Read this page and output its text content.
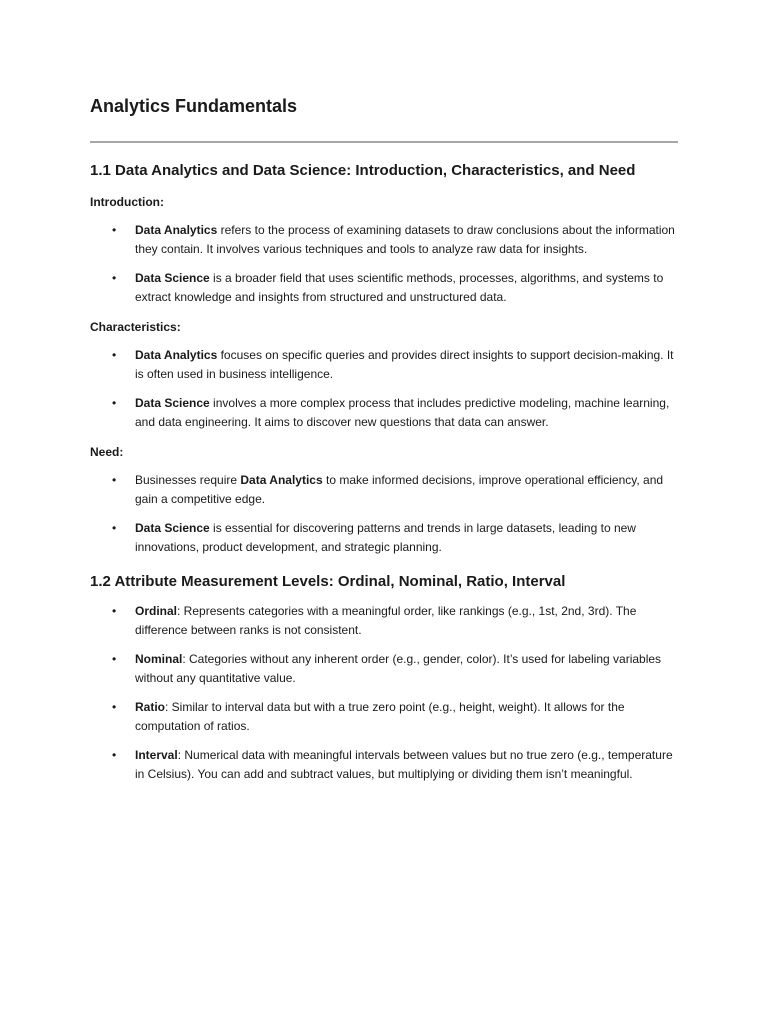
Analytics Fundamentals
1.1 Data Analytics and Data Science: Introduction, Characteristics, and Need

Introduction:

• Data Analytics refers to the process of examining datasets to draw conclusions about the information they contain. It involves various techniques and tools to analyze raw data for insights.
• Data Science is a broader field that uses scientific methods, processes, algorithms, and systems to extract knowledge and insights from structured and unstructured data.

Characteristics:

• Data Analytics focuses on specific queries and provides direct insights to support decision-making. It is often used in business intelligence.
• Data Science involves a more complex process that includes predictive modeling, machine learning, and data engineering. It aims to discover new questions that data can answer.

Need:

• Businesses require Data Analytics to make informed decisions, improve operational efficiency, and gain a competitive edge.
• Data Science is essential for discovering patterns and trends in large datasets, leading to new innovations, product development, and strategic planning.
1.2 Attribute Measurement Levels: Ordinal, Nominal, Ratio, Interval
• Ordinal: Represents categories with a meaningful order, like rankings (e.g., 1st, 2nd, 3rd). The difference between ranks is not consistent.
• Nominal: Categories without any inherent order (e.g., gender, color). It’s used for labeling variables without any quantitative value.
• Ratio: Similar to interval data but with a true zero point (e.g., height, weight). It allows for the computation of ratios.
• Interval: Numerical data with meaningful intervals between values but no true zero (e.g., temperature in Celsius). You can add and subtract values, but multiplying or dividing them isn’t meaningful.
